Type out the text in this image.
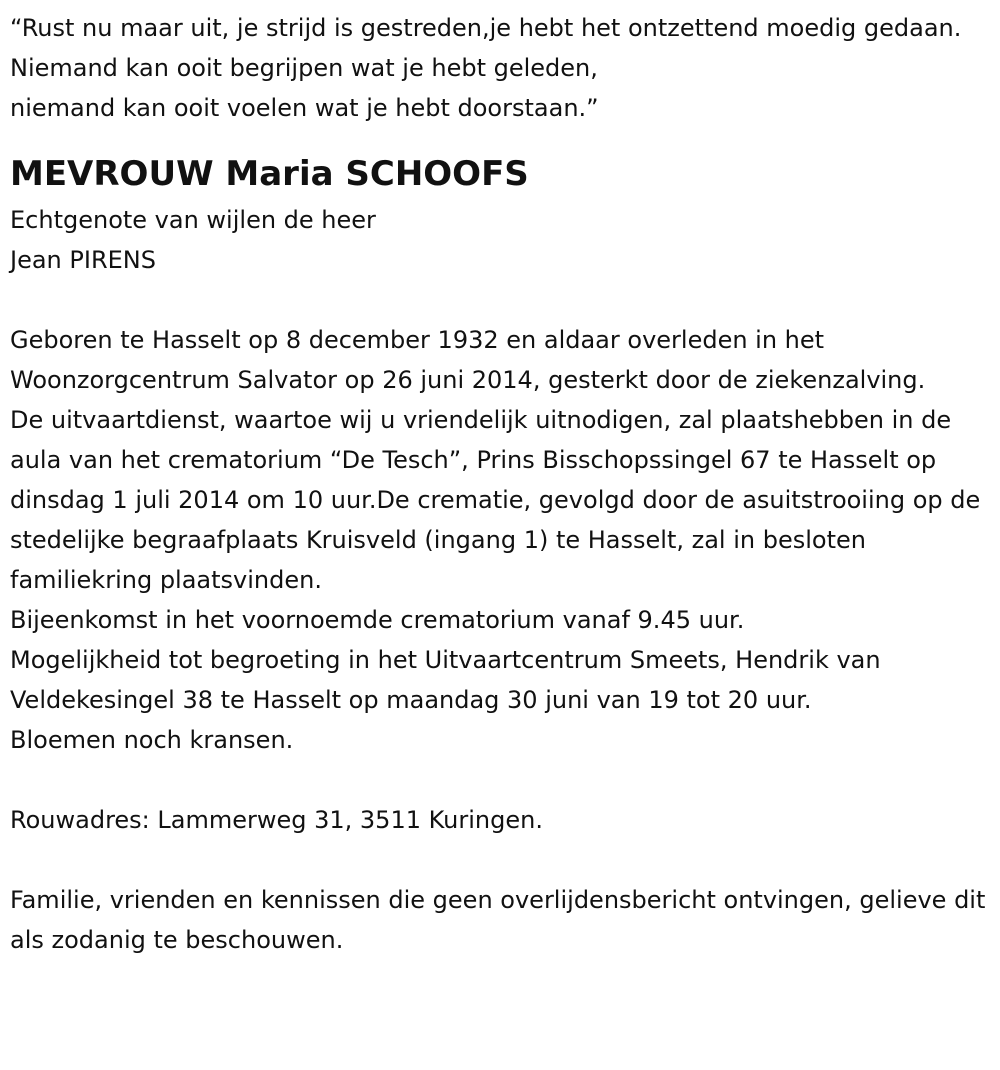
“Rust nu maar uit, je strijd is gestreden,je hebt het ontzettend moedig gedaan.

Niemand kan ooit begrijpen wat je hebt geleden,

niemand kan ooit voelen wat je hebt doorstaan.”

MEVROUW Maria SCHOOFS

Echtgenote van wijlen de heer

Jean PIRENS

Geboren te Hasselt op 8 december 1932 en aldaar overleden in het Woonzorgcentrum Salvator op 26 juni 2014, gesterkt door de ziekenzalving.

De uitvaartdienst, waartoe wij u vriendelijk uitnodigen, zal plaatshebben in de aula van het crematorium “De Tesch”, Prins Bisschopssingel 67 te Hasselt op dinsdag 1 juli 2014 om 10 uur.De crematie, gevolgd door de asuitstrooiing op de stedelijke begraafplaats Kruisveld (ingang 1) te Hasselt, zal in besloten familiekring plaatsvinden.

Bijeenkomst in het voornoemde crematorium vanaf 9.45 uur.

Mogelijkheid tot begroeting in het Uitvaartcentrum Smeets, Hendrik van Veldekesingel 38 te Hasselt op maandag 30 juni van 19 tot 20 uur.

Bloemen noch kransen.

Rouwadres: Lammerweg 31, 3511 Kuringen.

Familie, vrienden en kennissen die geen overlijdensbericht ontvingen, gelieve dit als zodanig te beschouwen.
